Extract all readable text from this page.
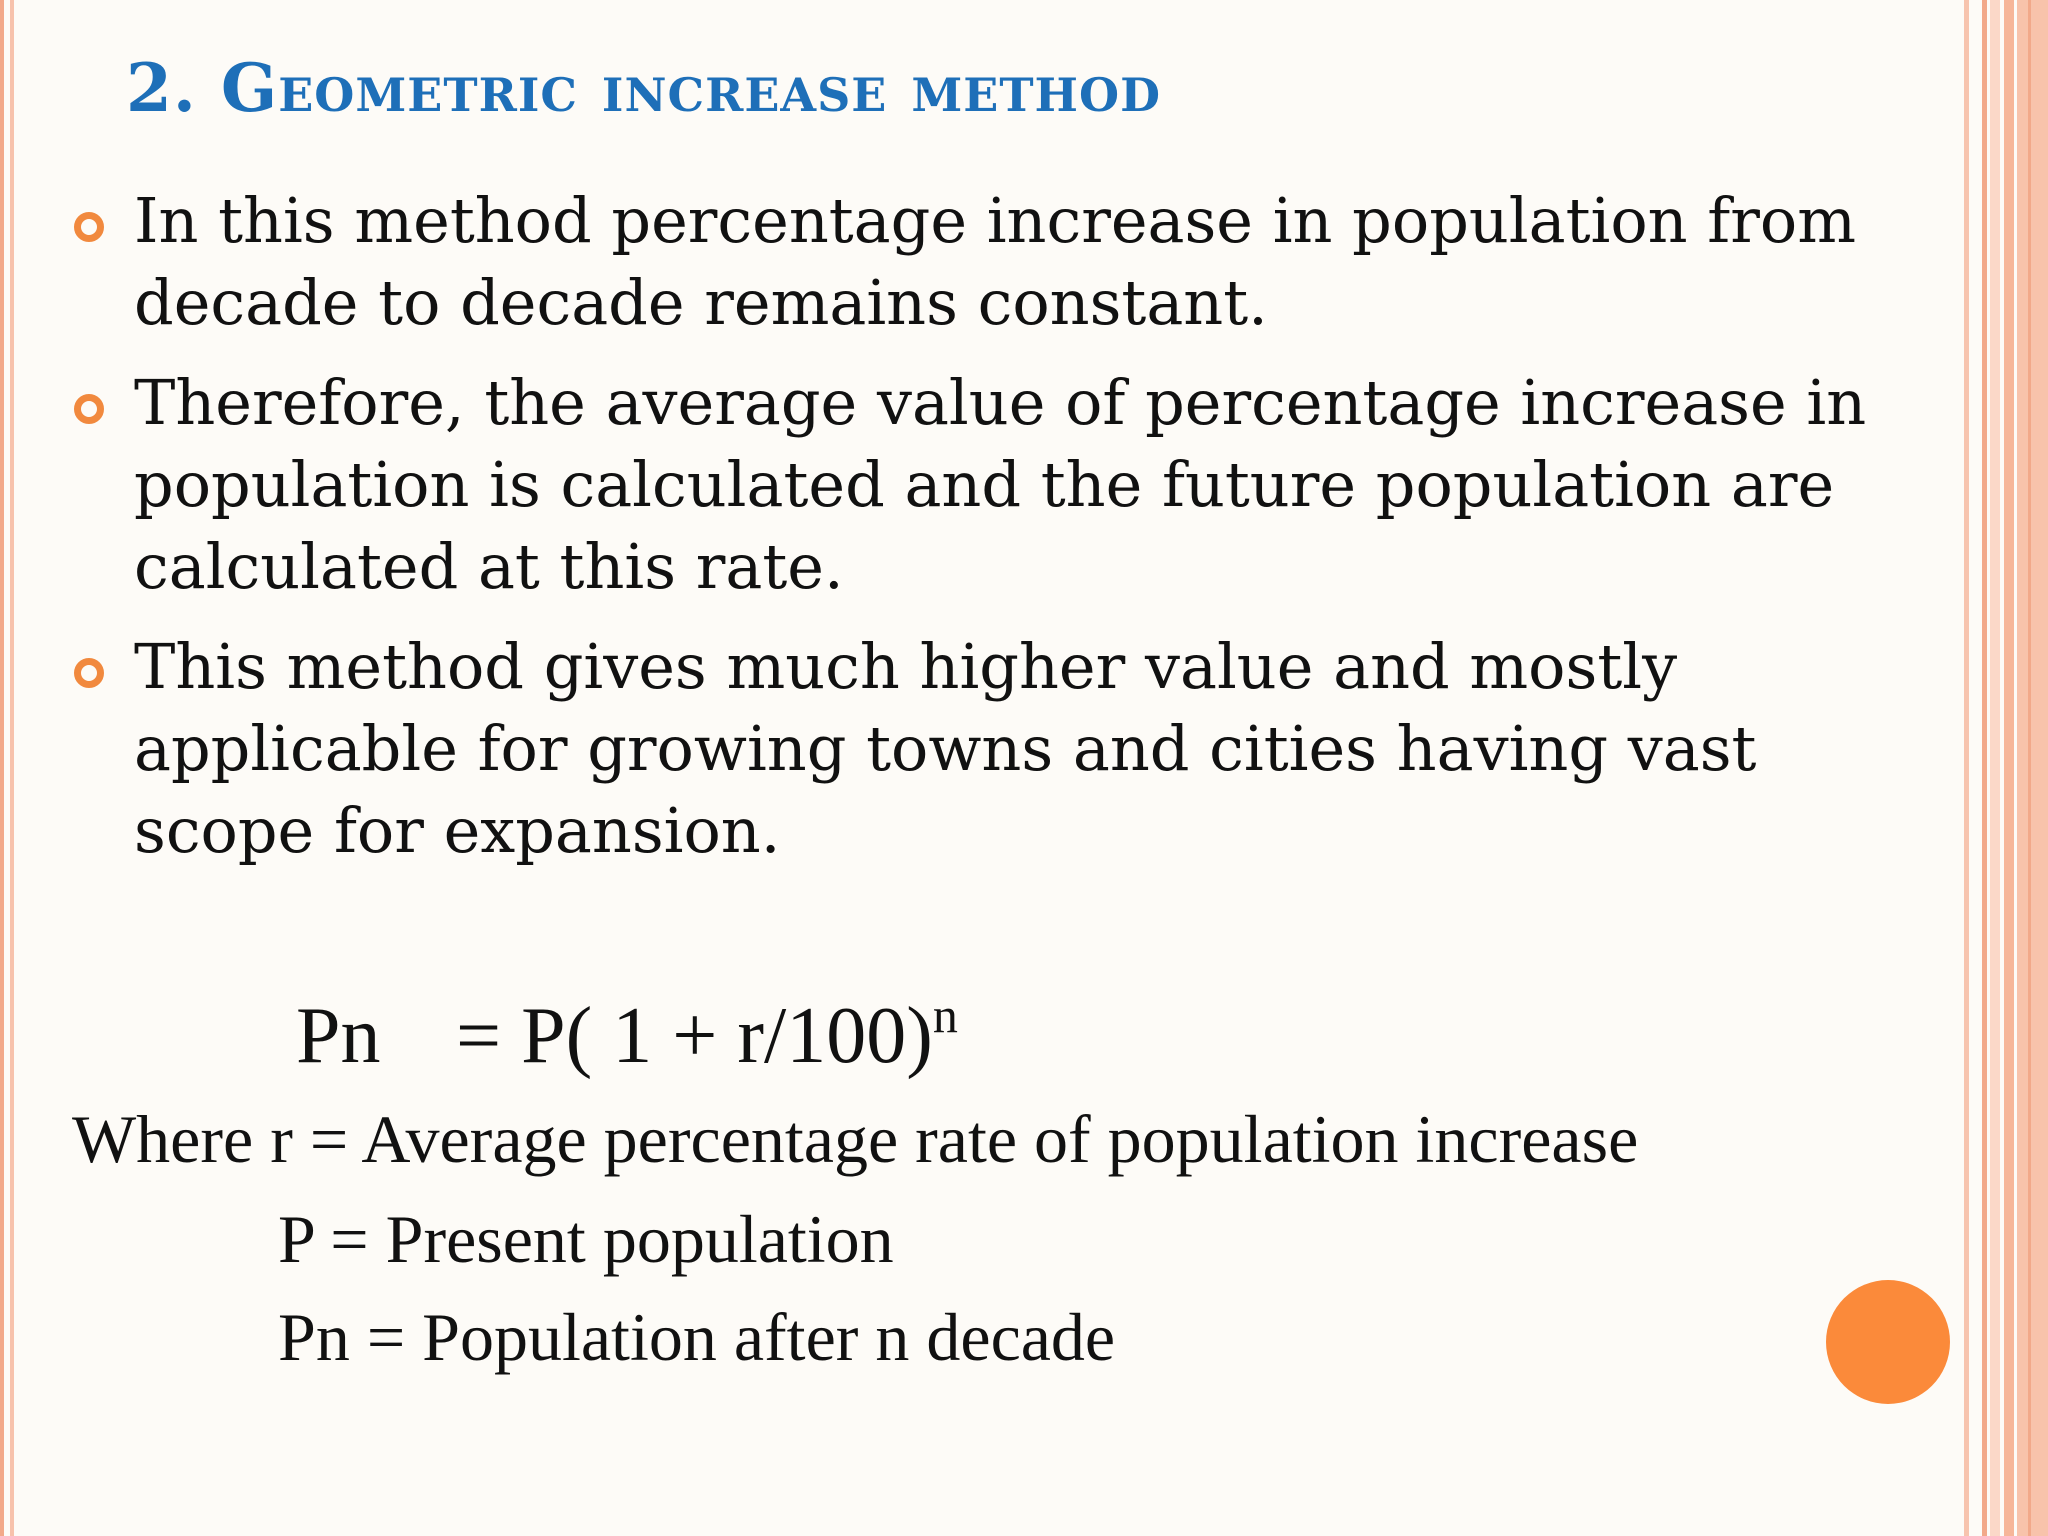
2. Geometric increase method
In this method percentage increase in population from decade to decade remains constant.
Therefore, the average value of percentage increase in population is calculated and the future population are calculated at this rate.
This method gives much higher value and mostly applicable for growing towns and cities having vast scope for expansion.
Pn = P( 1 + r/100)$^n$
Where r = Average percentage rate of population increase
P = Present population
Pn = Population after n decade
